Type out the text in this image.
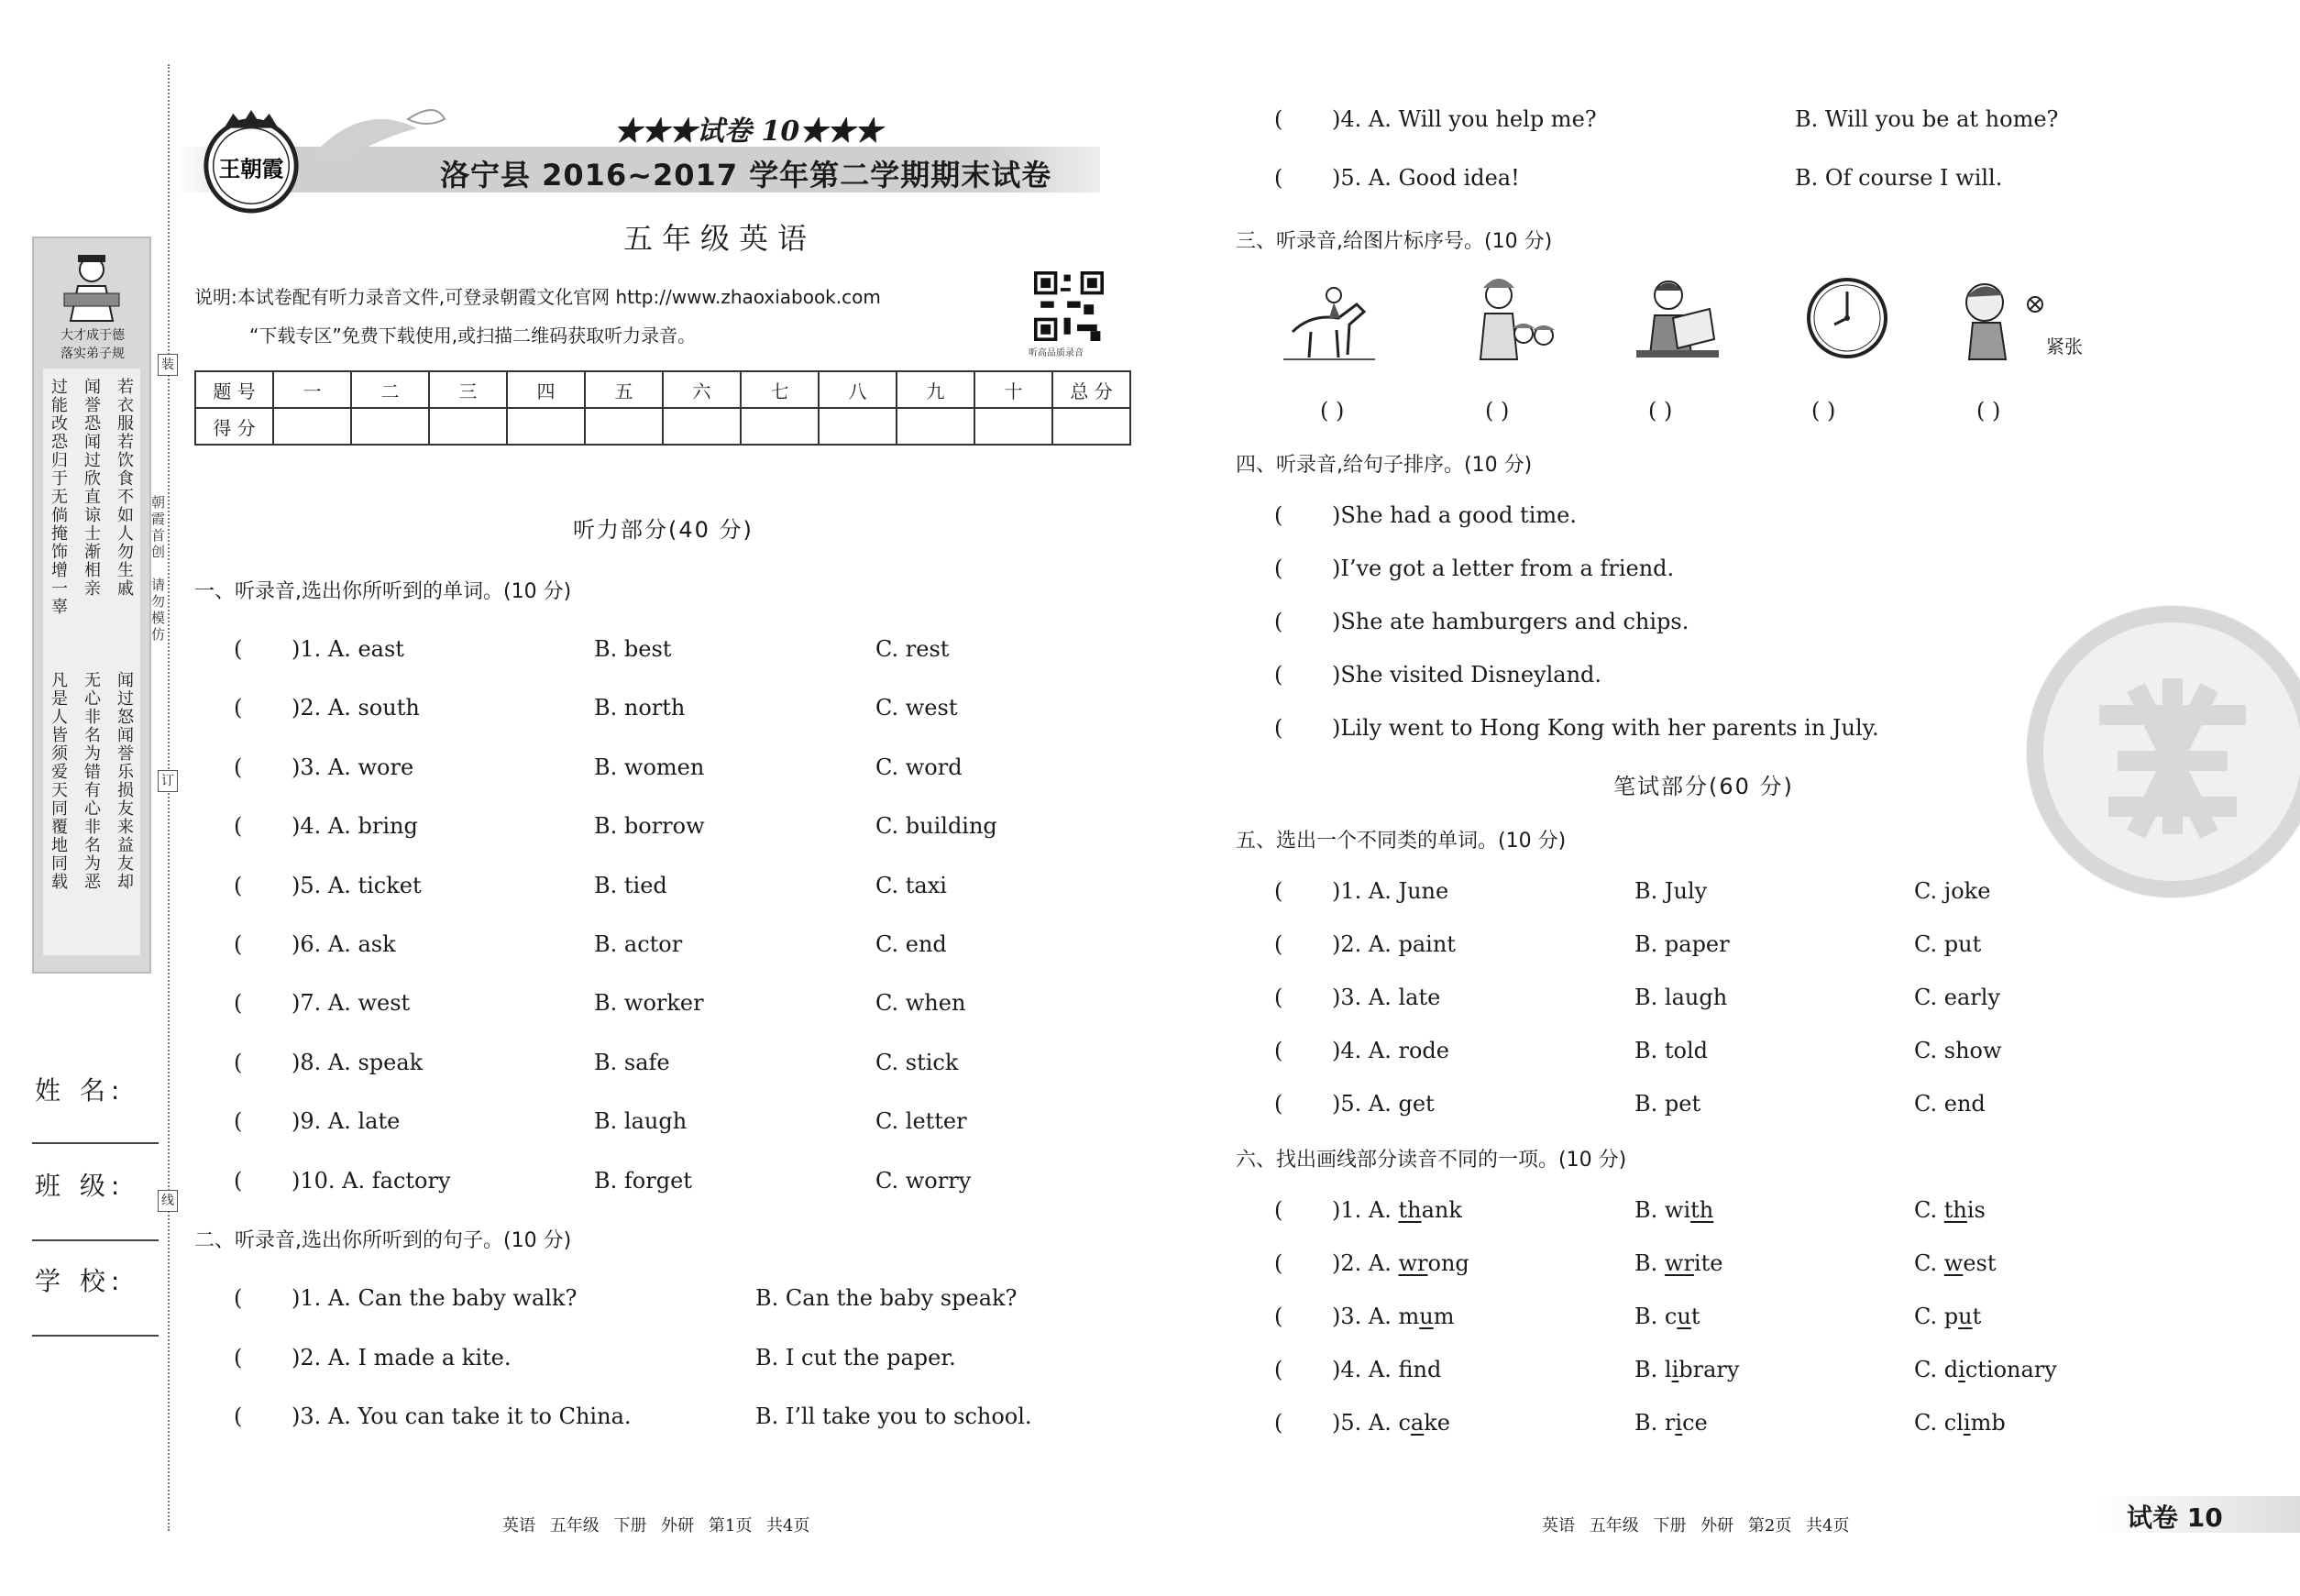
大才成于德
落实弟子规
若衣服若饮食不如人勿生戚
闻誉恐闻过欣直谅士渐相亲
过能改恐归于无倘掩饰增一辜
凡是人皆须爱天同覆地同载 无心非名为错有心非名为恶 闻过怒闻誉乐损友来益友却
朝霞首创
请勿模仿
装
订
线
姓 名:
班 级:
学 校:
王朝霞
★★★试卷 10★★★
洛宁县 2016~2017 学年第二学期期末试卷
五年级英语
说明:本试卷配有听力录音文件,可登录朝霞文化官网 http://www.zhaoxiabook.com
“下载专区”免费下载使用,或扫描二维码获取听力录音。
听高品质录音
题 号	一	二	三	四	五	六	七	八	九	十	总 分
得 分											
听力部分(40 分)
一、听录音,选出你所听到的单词。(10 分)
( )1. A. east	B. best	C. rest
( )2. A. south	B. north	C. west
( )3. A. wore	B. women	C. word
( )4. A. bring	B. borrow	C. building
( )5. A. ticket	B. tied	C. taxi
( )6. A. ask	B. actor	C. end
( )7. A. west	B. worker	C. when
( )8. A. speak	B. safe	C. stick
( )9. A. late	B. laugh	C. letter
( )10. A. factory	B. forget	C. worry
二、听录音,选出你所听到的句子。(10 分)
( )1. A. Can the baby walk?	B. Can the baby speak?
( )2. A. I made a kite.	B. I cut the paper.
( )3. A. You can take it to China.	B. I’ll take you to school.
英语 五年级 下册 外研 第1页 共4页
( )4. A. Will you help me?	B. Will you be at home?
( )5. A. Good idea!	B. Of course I will.
三、听录音,给图片标序号。(10 分)
紧张
( )	( )	( )	( )	( )
四、听录音,给句子排序。(10 分)
( )She had a good time.
( )I’ve got a letter from a friend.
( )She ate hamburgers and chips.
( )She visited Disneyland.
( )Lily went to Hong Kong with her parents in July.
笔试部分(60 分)
五、选出一个不同类的单词。(10 分)
( )1. A. June	B. July	C. joke
( )2. A. paint	B. paper	C. put
( )3. A. late	B. laugh	C. early
( )4. A. rode	B. told	C. show
( )5. A. get	B. pet	C. end
六、找出画线部分读音不同的一项。(10 分)
( )1. A. thank	B. with	C. this
( )2. A. wrong	B. write	C. west
( )3. A. mum	B. cut	C. put
( )4. A. fnd	B. library	C. dictionary
( )5. A. cake	B. rice	C. climb
英语 五年级 下册 外研 第2页 共4页	试卷 10
